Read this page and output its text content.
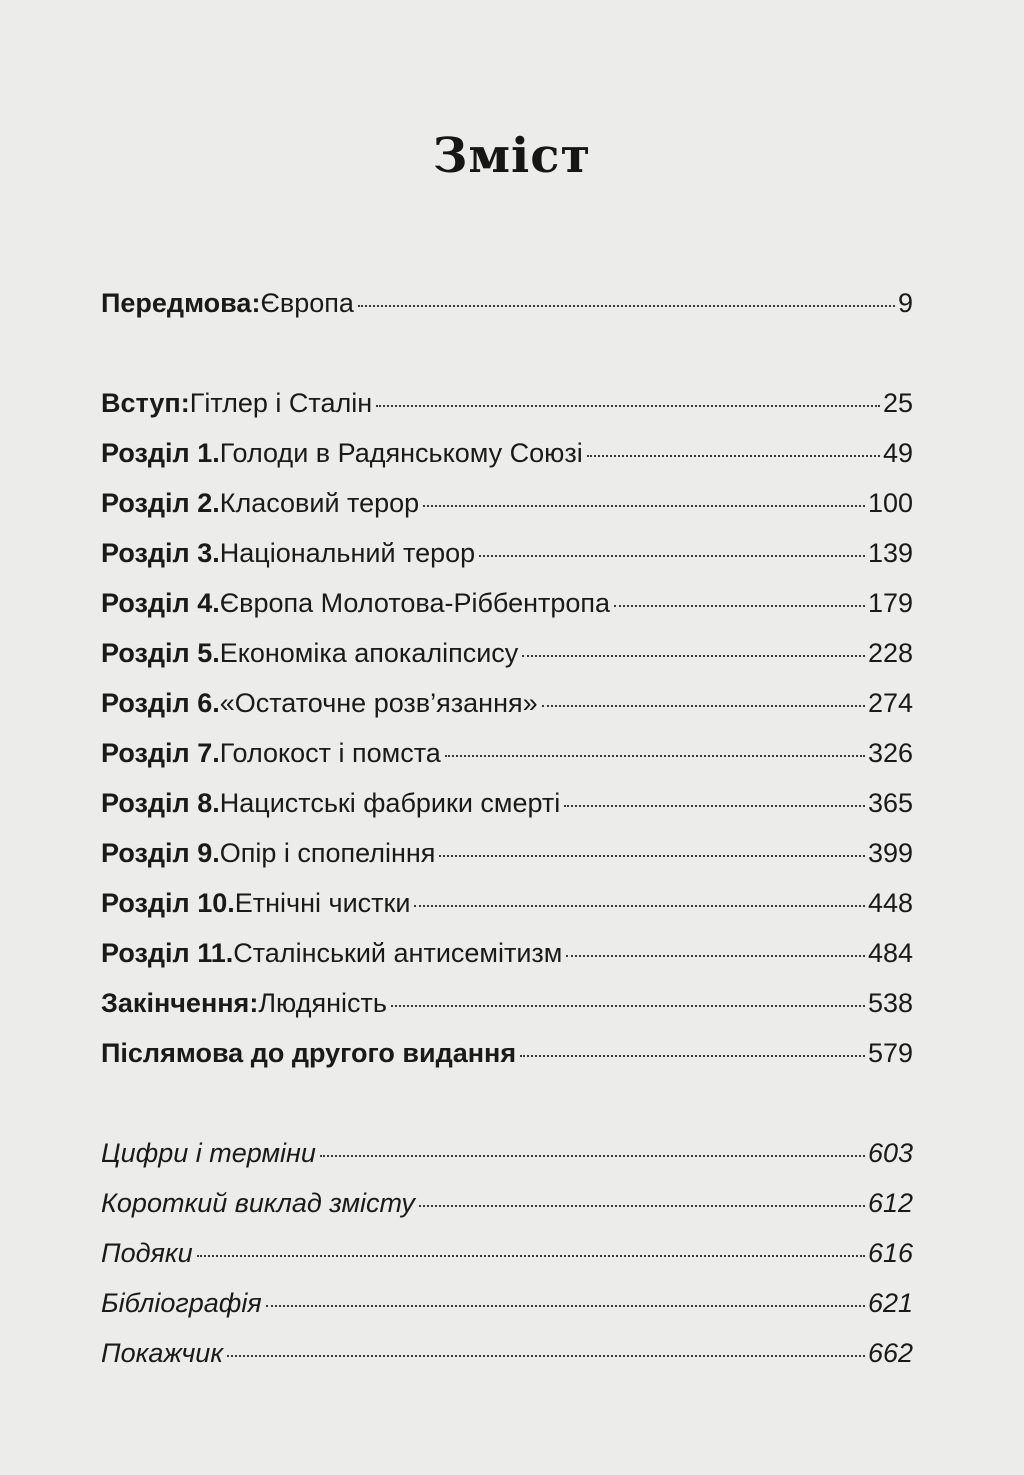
Зміст
Передмова: Європа	9
Вступ: Гітлер і Сталін	25
Розділ 1. Голоди в Радянському Союзі	49
Розділ 2. Класовий терор	100
Розділ 3. Національний терор	139
Розділ 4. Європа Молотова-Ріббентропа	179
Розділ 5. Економіка апокаліпсису	228
Розділ 6. «Остаточне розв’язання»	274
Розділ 7. Голокост і помста	326
Розділ 8. Нацистські фабрики смерті	365
Розділ 9. Опір і спопеління	399
Розділ 10. Етнічні чистки	448
Розділ 11. Сталінський антисемітизм	484
Закінчення: Людяність	538
Післямова до другого видання	579
Цифри і терміни	603
Короткий виклад змісту	612
Подяки	616
Бібліографія	621
Покажчик	662
